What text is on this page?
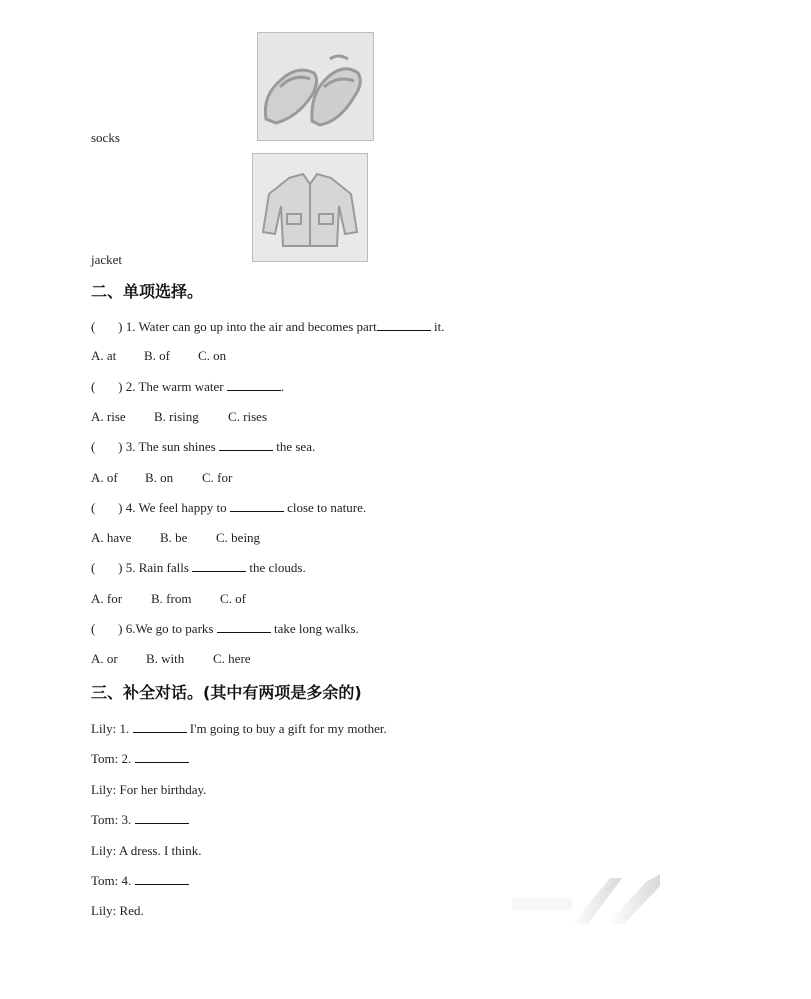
socks
jacket
二、单项选择。
( ) 1. Water can go up into the air and becomes part	it.
A. at B. of C. on
( ) 2. The warm water	.
A. rise B. rising C. rises
( ) 3. The sun shines	the sea.
A. of B. on C. for
( ) 4. We feel happy to	close to nature.
A. have B. be C. being
( ) 5. Rain falls	the clouds.
A. for B. from C. of
( ) 6.We go to parks	take long walks.
A. or B. with C. here
三、补全对话。(其中有两项是多余的)
Lily: 1.	I'm going to buy a gift for my mother.
Tom: 2.
Lily: For her birthday.
Tom: 3.
Lily: A dress. I think.
Tom: 4.
Lily: Red.
